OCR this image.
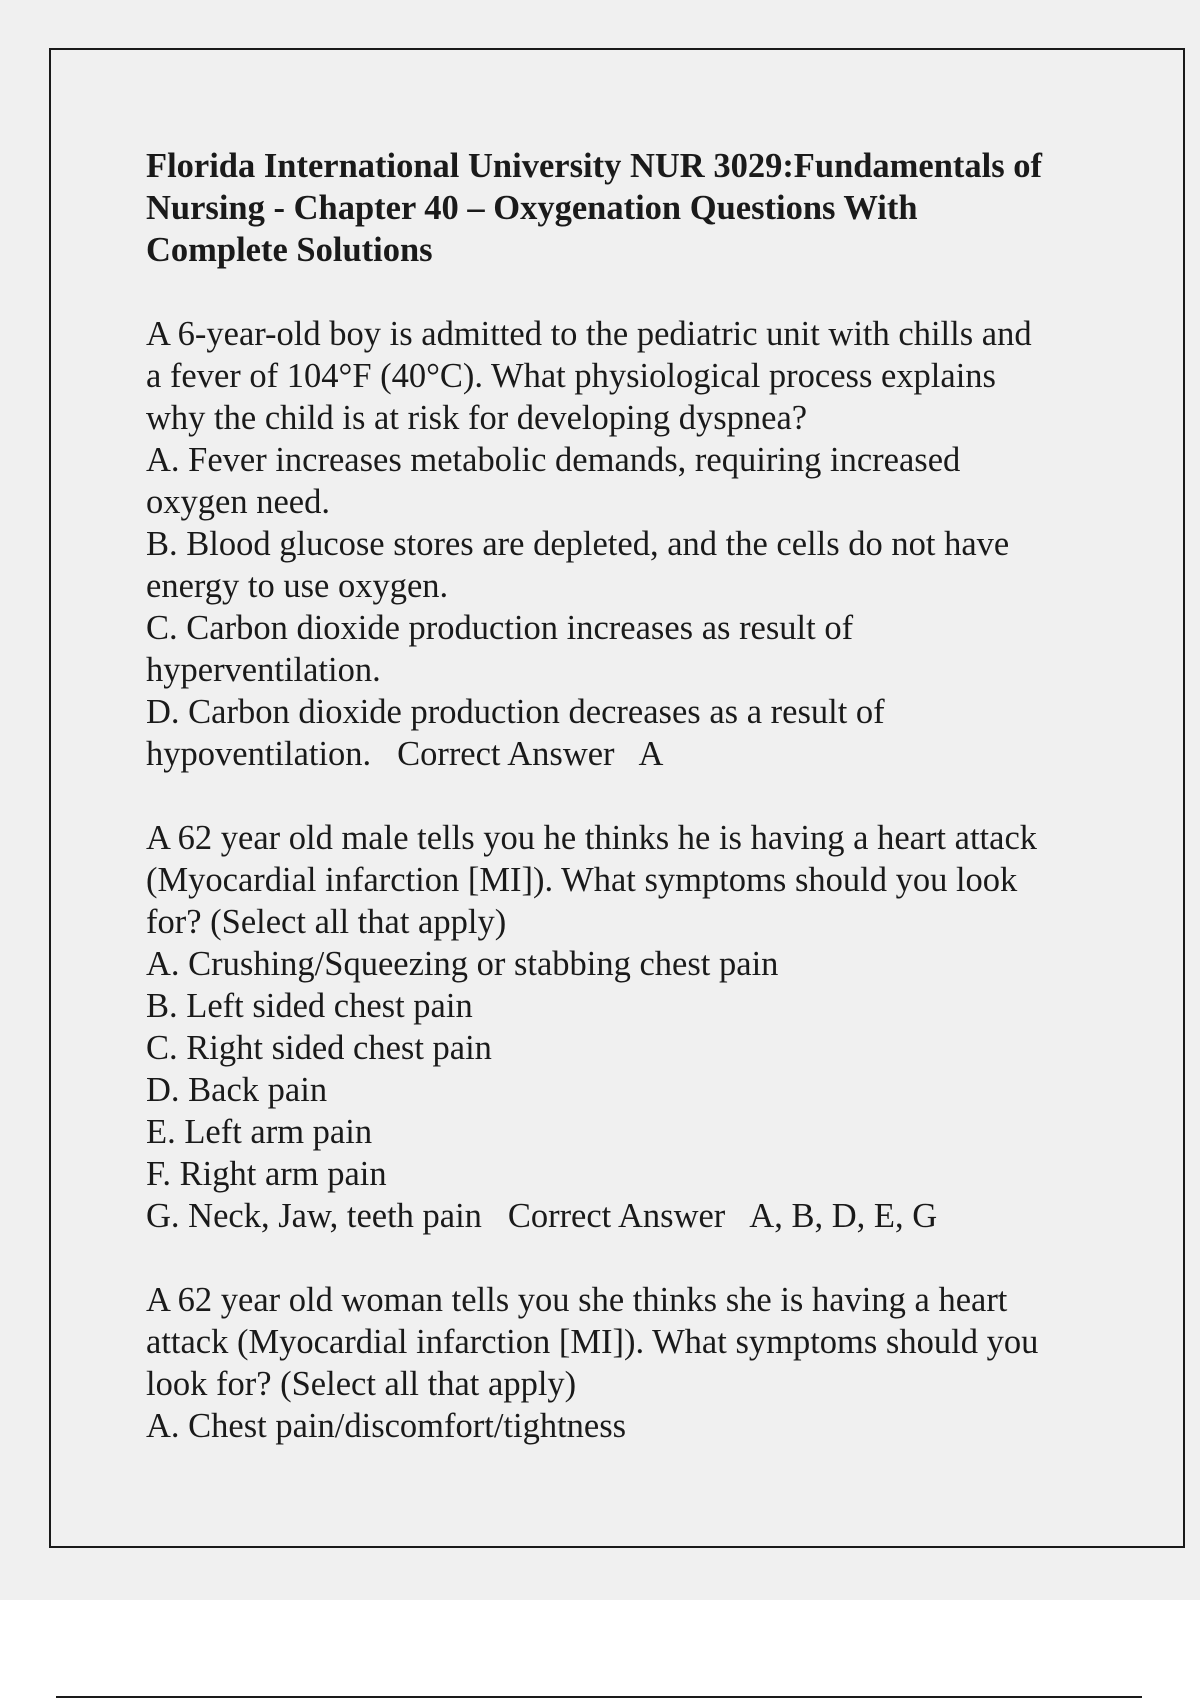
Florida International University NUR 3029:Fundamentals of
Nursing - Chapter 40 – Oxygenation Questions With
Complete Solutions
A 6-year-old boy is admitted to the pediatric unit with chills and
a fever of 104°F (40°C). What physiological process explains
why the child is at risk for developing dyspnea?
A. Fever increases metabolic demands, requiring increased
oxygen need.
B. Blood glucose stores are depleted, and the cells do not have
energy to use oxygen.
C. Carbon dioxide production increases as result of
hyperventilation.
D. Carbon dioxide production decreases as a result of
hypoventilation. Correct Answer A
A 62 year old male tells you he thinks he is having a heart attack
(Myocardial infarction [MI]). What symptoms should you look
for? (Select all that apply)
A. Crushing/Squeezing or stabbing chest pain
B. Left sided chest pain
C. Right sided chest pain
D. Back pain
E. Left arm pain
F. Right arm pain
G. Neck, Jaw, teeth pain Correct Answer A, B, D, E, G
A 62 year old woman tells you she thinks she is having a heart
attack (Myocardial infarction [MI]). What symptoms should you
look for? (Select all that apply)
A. Chest pain/discomfort/tightness
